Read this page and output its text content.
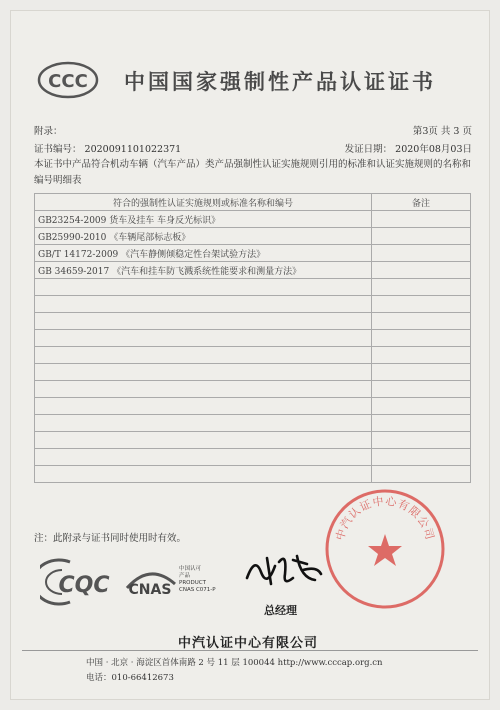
CCC 中国国家强制性产品认证证书
附录：	第3页 共 3 页
证书编号： 2020091101022371	发证日期： 2020年08月03日
本证书中产品符合机动车辆（汽车产品）类产品强制性认证实施规则引用的标准和认证实施规则的名称和编号明细表
符合的强制性认证实施规则或标准名称和编号	备注
GB23254-2009 货车及挂车 车身反光标识》	
GB25990-2010 《车辆尾部标志板》	
GB/T 14172-2009 《汽车静侧倾稳定性台架试验方法》	
GB 34659-2017 《汽车和挂车防飞溅系统性能要求和测量方法》	

注：此附录与证书同时使用时有效。
CQC CNAS
中国认可
产品
PRODUCT
CNAS C071-P
总经理
中汽认证中心有限公司
中汽认证中心有限公司
中国 · 北京 · 海淀区首体南路 2 号 11 层 100044 http://www.cccap.org.cn
电话：010-66412673
